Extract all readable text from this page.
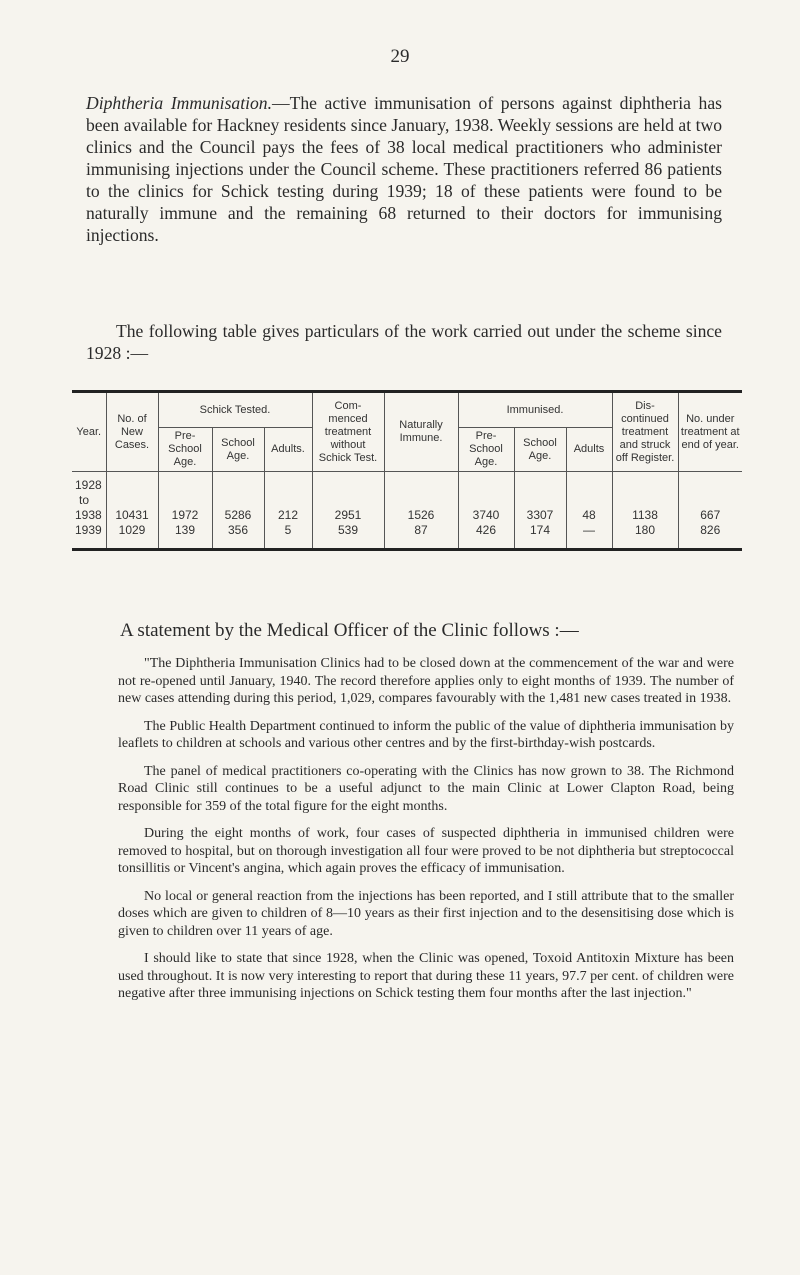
29
Diphtheria Immunisation.—The active immunisation of persons against diphtheria has been available for Hackney residents since January, 1938. Weekly sessions are held at two clinics and the Council pays the fees of 38 local medical practitioners who administer immunising injections under the Council scheme. These practitioners referred 86 patients to the clinics for Schick testing during 1939; 18 of these patients were found to be naturally immune and the remaining 68 returned to their doctors for immunising injections.
The following table gives particulars of the work carried out under the scheme since 1928 :—
Year.	No. of New Cases.	Schick Tested.			Com- menced treatment without Schick Test.	Naturally Immune.	Immunised.			Dis- continued treatment and struck off Register.	No. under treatment at end of year.
		Pre- School Age.	School Age.	Adults.			Pre- School Age.	School Age.	Adults		

1928
to
1938	10431	1972	5286	212	2951	1526	3740	3307	48	1138	667

1939	1029	139	356	5	539	87	426	174	—	180	826
A statement by the Medical Officer of the Clinic follows :—

"The Diphtheria Immunisation Clinics had to be closed down at the commencement of the war and were not re-opened until January, 1940. The record therefore applies only to eight months of 1939. The number of new cases attending during this period, 1,029, compares favourably with the 1,481 new cases treated in 1938.

The Public Health Department continued to inform the public of the value of diphtheria immunisation by leaflets to children at schools and various other centres and by the first-birthday-wish postcards.

The panel of medical practitioners co-operating with the Clinics has now grown to 38. The Richmond Road Clinic still continues to be a useful adjunct to the main Clinic at Lower Clapton Road, being responsible for 359 of the total figure for the eight months.

During the eight months of work, four cases of suspected diphtheria in immunised children were removed to hospital, but on thorough investigation all four were proved to be not diphtheria but streptococcal tonsillitis or Vincent's angina, which again proves the efficacy of immunisation.

No local or general reaction from the injections has been reported, and I still attribute that to the smaller doses which are given to children of 8—10 years as their first injection and to the desensitising dose which is given to children over 11 years of age.

I should like to state that since 1928, when the Clinic was opened, Toxoid Antitoxin Mixture has been used throughout. It is now very interesting to report that during these 11 years, 97.7 per cent. of children were negative after three immunising injections on Schick testing them four months after the last injection."
